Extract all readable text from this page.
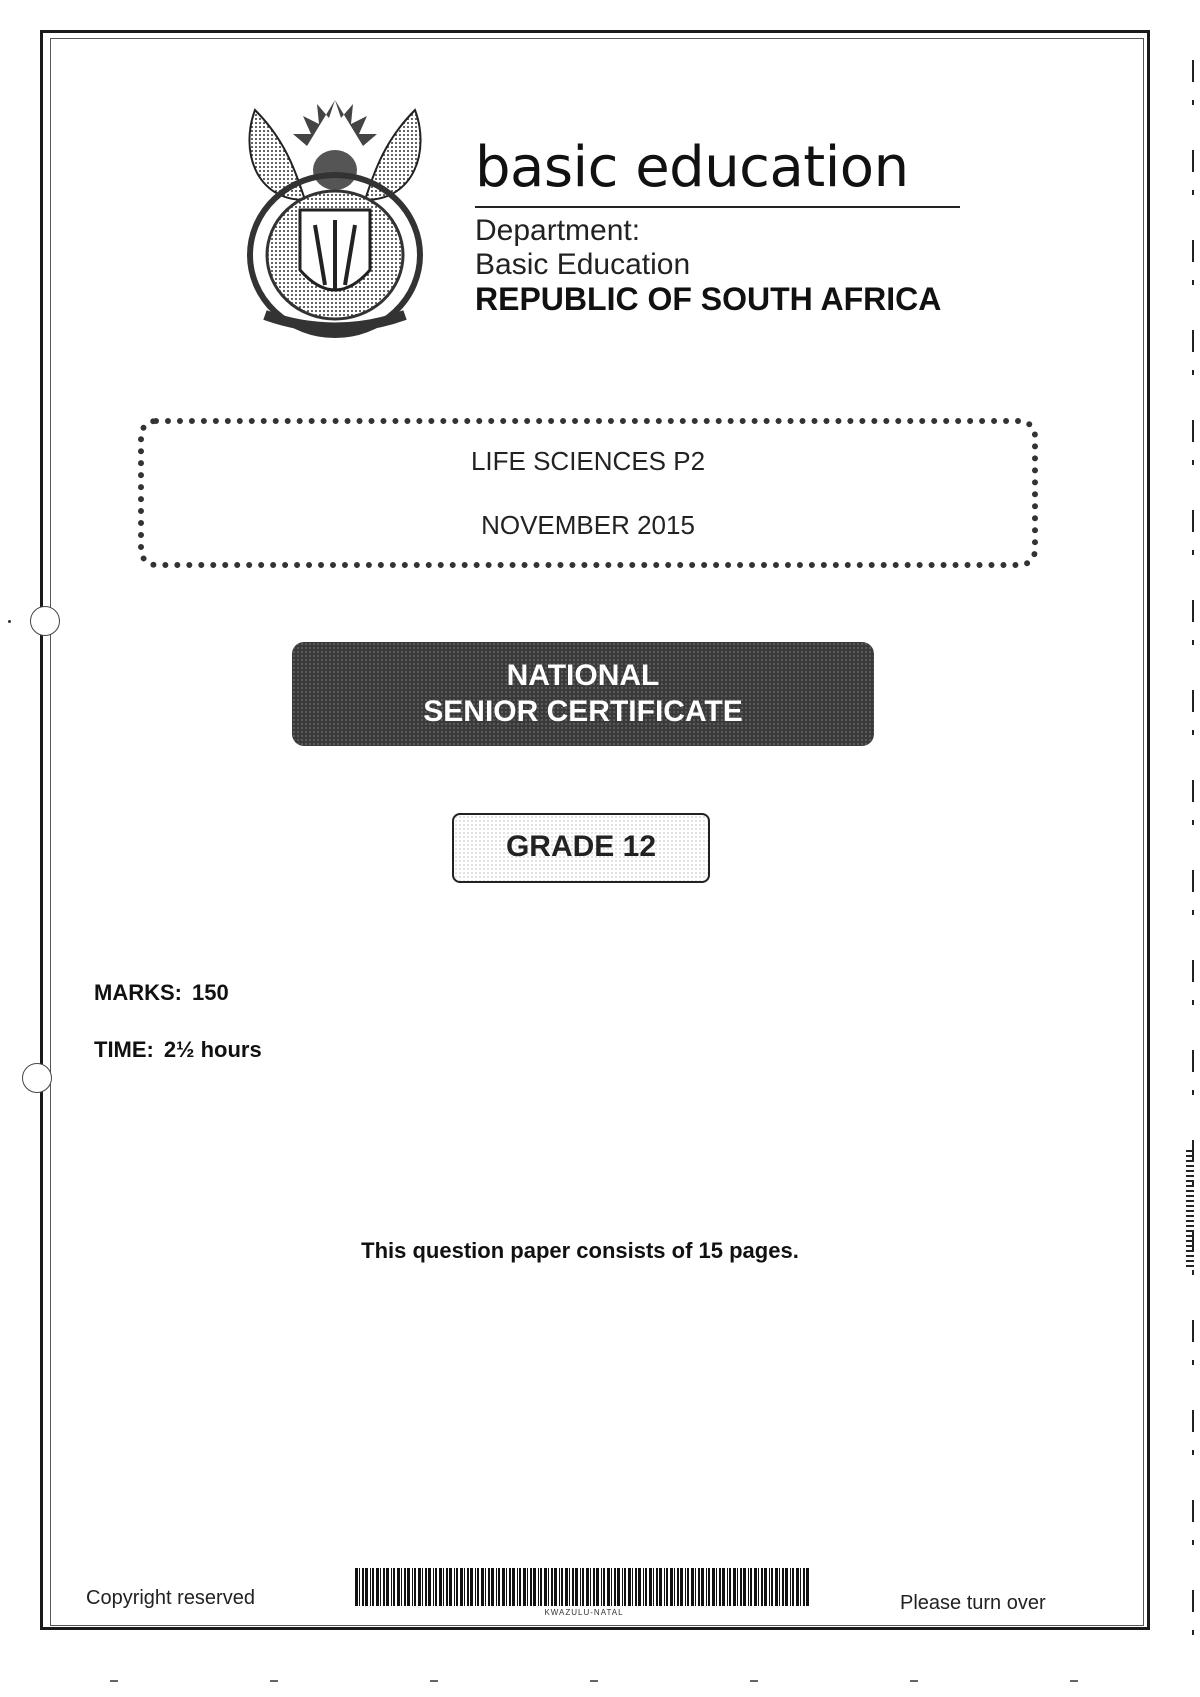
basic education
Department:
Basic Education
REPUBLIC OF SOUTH AFRICA
LIFE SCIENCES P2
NOVEMBER 2015
NATIONAL
SENIOR CERTIFICATE
GRADE 12
MARKS: 150
TIME: 2½ hours
This question paper consists of 15 pages.
Copyright reserved
KWAZULU-NATAL	Please turn over
